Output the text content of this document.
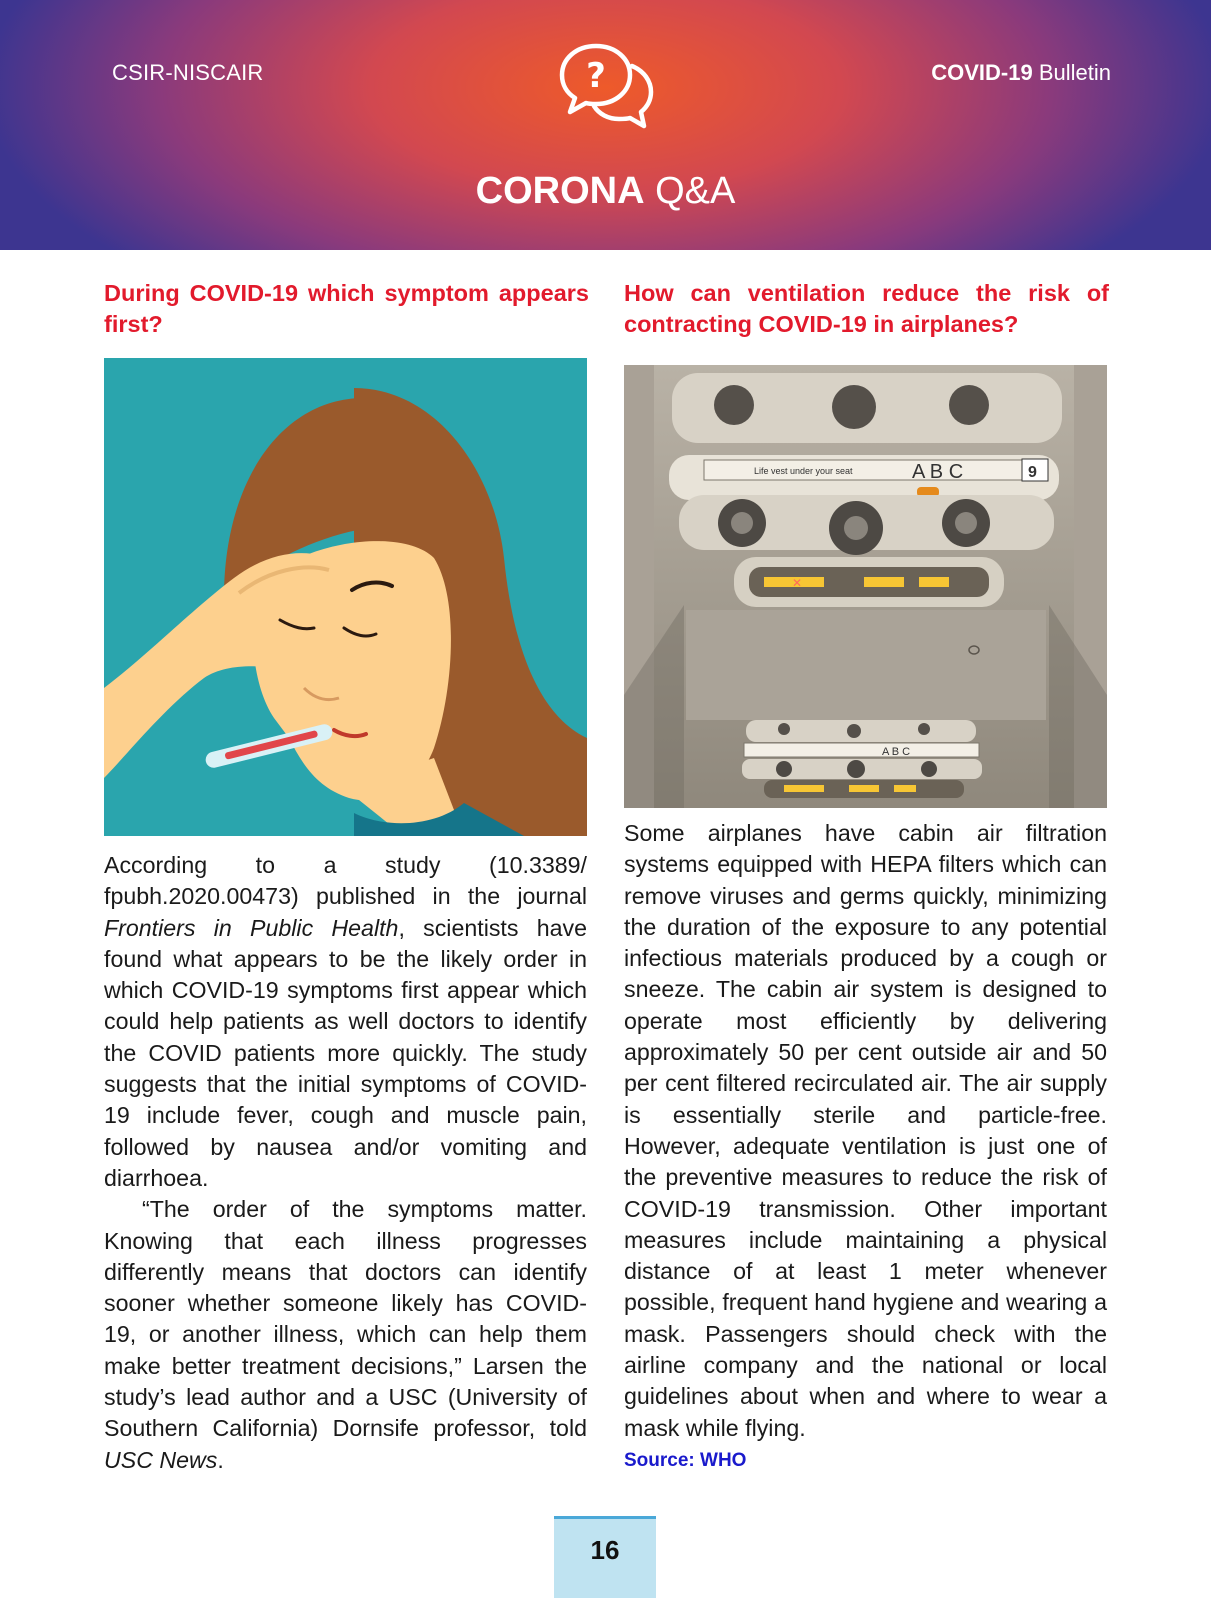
CSIR-NISCAIR	?	COVID-19 Bulletin
CORONA Q&A

During COVID-19 which symptom appears first?

How can ventilation reduce the risk of contracting COVID-19 in airplanes?

Life vest under your seat	A B C	9
✕
A B C

According to a study (10.3389/ fpubh.2020.00473) published in the journal Frontiers in Public Health, scientists have found what appears to be the likely order in which COVID-19 symptoms first appear which could help patients as well doctors to identify the COVID patients more quickly. The study suggests that the initial symptoms of COVID-19 include fever, cough and muscle pain, followed by nausea and/or vomiting and diarrhoea.

“The order of the symptoms matter. Knowing that each illness progresses differently means that doctors can identify sooner whether someone likely has COVID-19, or another illness, which can help them make better treatment decisions,” Larsen the study’s lead author and a USC (University of Southern California) Dornsife professor, told USC News.

Some airplanes have cabin air filtration systems equipped with HEPA filters which can remove viruses and germs quickly, minimizing the duration of the exposure to any potential infectious materials produced by a cough or sneeze. The cabin air system is designed to operate most efficiently by delivering approximately 50 per cent outside air and 50 per cent filtered recirculated air. The air supply is essentially sterile and particle-free. However, adequate ventilation is just one of the preventive measures to reduce the risk of COVID-19 transmission. Other important measures include maintaining a physical distance of at least 1 meter whenever possible, frequent hand hygiene and wearing a mask. Passengers should check with the airline company and the national or local guidelines about when and where to wear a mask while flying.

Source: WHO
16
